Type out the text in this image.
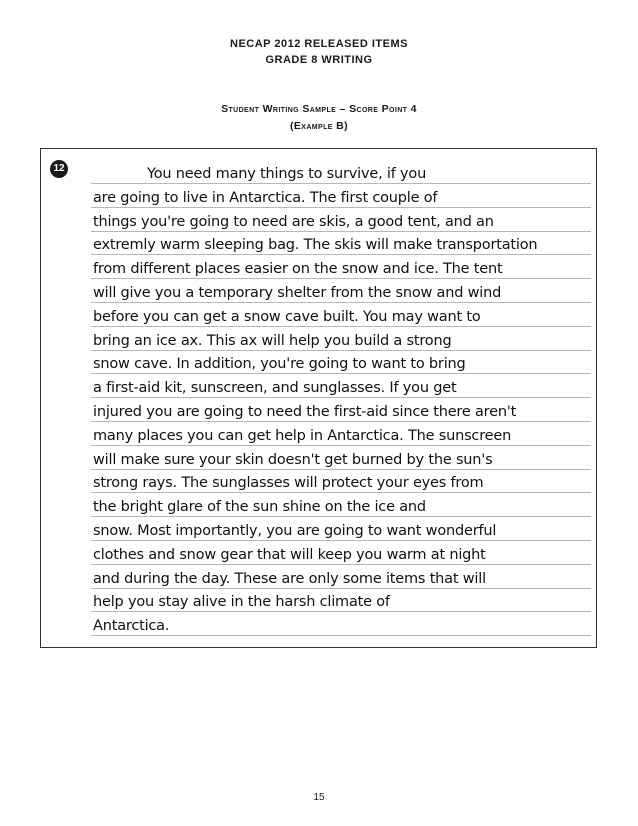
NECAP 2012 RELEASED ITEMS
GRADE 8 WRITING
Student Writing Sample – Score Point 4
(Example B)
12	You need many things to survive, if you
are going to live in Antarctica. The first couple of
things you're going to need are skis, a good tent, and an
extremly warm sleeping bag. The skis will make transportation
from different places easier on the snow and ice. The tent
will give you a temporary shelter from the snow and wind
before you can get a snow cave built. You may want to
bring an ice ax. This ax will help you build a strong
snow cave. In addition, you're going to want to bring
a first-aid kit, sunscreen, and sunglasses. If you get
injured you are going to need the first-aid since there aren't
many places you can get help in Antarctica. The sunscreen
will make sure your skin doesn't get burned by the sun's
strong rays. The sunglasses will protect your eyes from
the bright glare of the sun shine on the ice and
snow. Most importantly, you are going to want wonderful
clothes and snow gear that will keep you warm at night
and during the day. These are only some items that will
help you stay alive in the harsh climate of
Antarctica.
15
